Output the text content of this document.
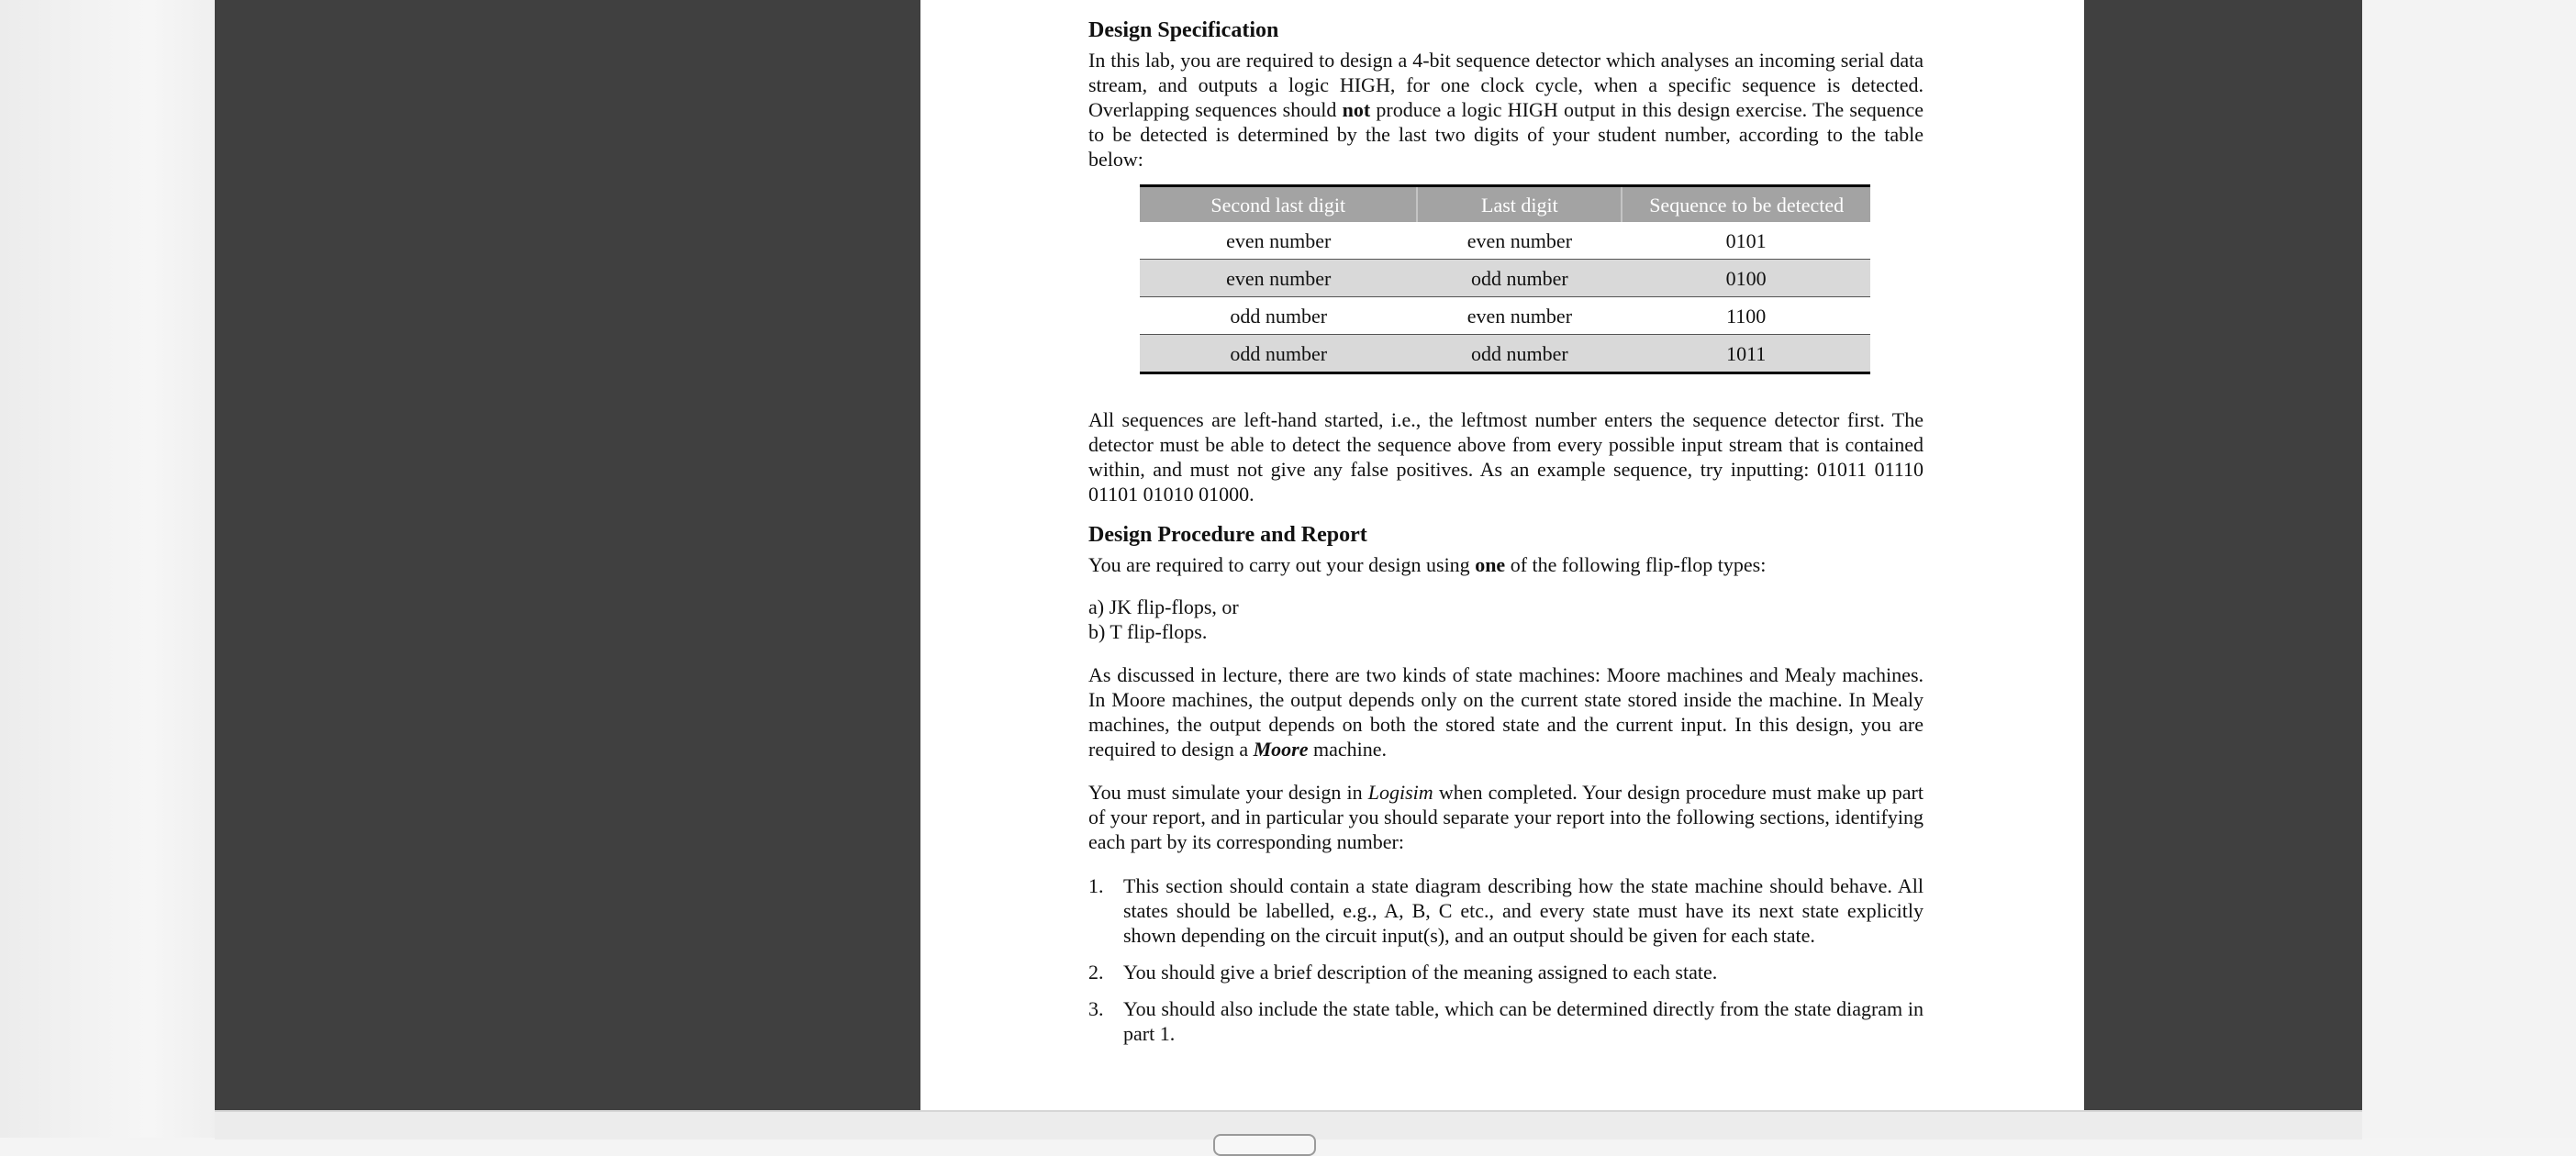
Design Specification

In this lab, you are required to design a 4-bit sequence detector which analyses an incoming serial data stream, and outputs a logic HIGH, for one clock cycle, when a specific sequence is detected. Overlapping sequences should not produce a logic HIGH output in this design exercise. The sequence to be detected is determined by the last two digits of your student number, according to the table below:

Second last digit	Last digit	Sequence to be detected
even number	even number	0101
even number	odd number	0100
odd number	even number	1100
odd number	odd number	1011

All sequences are left-hand started, i.e., the leftmost number enters the sequence detector first. The detector must be able to detect the sequence above from every possible input stream that is contained within, and must not give any false positives. As an example sequence, try inputting: 01011 01110 01101 01010 01000.

Design Procedure and Report

You are required to carry out your design using one of the following flip-flop types:

a) JK flip-flops, or
b) T flip-flops.

As discussed in lecture, there are two kinds of state machines: Moore machines and Mealy machines. In Moore machines, the output depends only on the current state stored inside the machine. In Mealy machines, the output depends on both the stored state and the current input. In this design, you are required to design a Moore machine.

You must simulate your design in Logisim when completed. Your design procedure must make up part of your report, and in particular you should separate your report into the following sections, identifying each part by its corresponding number:

1. This section should contain a state diagram describing how the state machine should behave. All states should be labelled, e.g., A, B, C etc., and every state must have its next state explicitly shown depending on the circuit input(s), and an output should be given for each state.
2. You should give a brief description of the meaning assigned to each state.
3. You should also include the state table, which can be determined directly from the state diagram in part 1.
